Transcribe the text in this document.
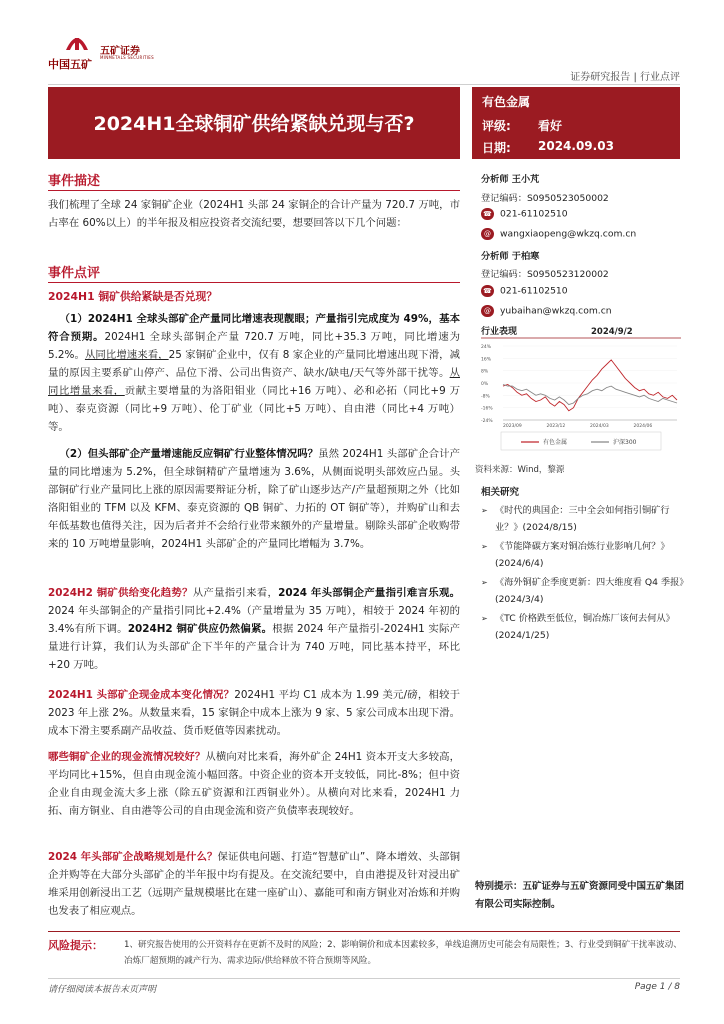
中国五矿
五矿证券
MINMETALS SECURITIES
证券研究报告 | 行业点评
2024H1全球铜矿供给紧缺兑现与否?
有色金属
评级: 看好
日期: 2024.09.03
事件描述
我们梳理了全球 24 家铜矿企业（2024H1 头部 24 家铜企的合计产量为 720.7 万吨，市占率在 60%以上）的半年报及相应投资者交流纪要，想要回答以下几个问题：
事件点评
2024H1 铜矿供给紧缺是否兑现？
（1）2024H1 全球头部矿企产量同比增速表现靓眼；产量指引完成度为 49%，基本符合预期。2024H1 全球头部铜企产量 720.7 万吨，同比+35.3 万吨，同比增速为 5.2%。从同比增速来看，25 家铜矿企业中，仅有 8 家企业的产量同比增速出现下滑，减量的原因主要系矿山停产、品位下滑、公司出售资产、缺水/缺电/天气等外部干扰等。从同比增量来看，贡献主要增量的为洛阳钼业（同比+16 万吨）、必和必拓（同比+9 万吨）、泰克资源（同比+9 万吨）、伦丁矿业（同比+5 万吨）、自由港（同比+4 万吨）等。
（2）但头部矿企产量增速能反应铜矿行业整体情况吗？虽然 2024H1 头部矿企合计产量的同比增速为 5.2%，但全球铜精矿产量增速为 3.6%，从侧面说明头部效应凸显。头部铜矿行业产量同比上涨的原因需要辩证分析，除了矿山逐步达产/产量超预期之外（比如洛阳钼业的 TFM 以及 KFM、泰克资源的 QB 铜矿、力拓的 OT 铜矿等），并购矿山和去年低基数也值得关注，因为后者并不会给行业带来额外的产量增量。剔除头部矿企收购带来的 10 万吨增量影响，2024H1 头部矿企的产量同比增幅为 3.7%。
2024H2 铜矿供给变化趋势？从产量指引来看，2024 年头部铜企产量指引难言乐观。2024 年头部铜企的产量指引同比+2.4%（产量增量为 35 万吨），相较于 2024 年初的 3.4%有所下调。2024H2 铜矿供应仍然偏紧。根据 2024 年产量指引-2024H1 实际产量进行计算，我们认为头部矿企下半年的产量合计为 740 万吨，同比基本持平，环比+20 万吨。
2024H1 头部矿企现金成本变化情况？2024H1 平均 C1 成本为 1.99 美元/磅，相较于 2023 年上涨 2%。从数量来看，15 家铜企中成本上涨为 9 家、5 家公司成本出现下滑。成本下滑主要系副产品收益、货币贬值等因素扰动。
哪些铜矿企业的现金流情况较好？从横向对比来看，海外矿企 24H1 资本开支大多较高，平均同比+15%，但自由现金流小幅回落。中资企业的资本开支较低，同比-8%；但中资企业自由现金流大多上涨（除五矿资源和江西铜业外）。从横向对比来看，2024H1 力拓、南方铜业、自由港等公司的自由现金流和资产负债率表现较好。
2024 年头部矿企战略规划是什么？保证供电问题、打造“智慧矿山”、降本增效、头部铜企并购等在大部分头部矿企的半年报中均有提及。在交流纪要中，自由港提及针对浸出矿堆采用创新浸出工艺（远期产量规模堪比在建一座矿山）、嘉能可和南方铜业对冶炼和并购也发表了相应观点。
分析师 王小芃
登记编码：S0950523050002
☎ 021-61102510
@ wangxiaopeng@wkzq.com.cn
分析师 于柏寒
登记编码：S0950523120002
☎ 021-61102510
@ yubaihan@wkzq.com.cn
行业表现	2024/9/2
24%
16%
8%
0%
-8%
-16%
-24%
2023/09	2023/12	2024/03	2024/06
有色金属	沪深300
资料来源：Wind，黎源
相关研究
➢ 《时代的典国企：三中全会如何指引铜矿行业？》(2024/8/15)
➢ 《节能降碳方案对铜冶炼行业影响几何？》(2024/6/4)
➢ 《海外铜矿企季度更新：四大维度看 Q4 季报》(2024/3/4)
➢ 《TC 价格跌至低位，铜冶炼厂该何去何从》(2024/1/25)
特别提示：五矿证券与五矿资源同受中国五矿集团有限公司实际控制。
风险提示： 1、研究报告使用的公开资料存在更新不及时的风险；2、影响铜价和成本因素较多，单线追溯历史可能会有局限性；3、行业受到铜矿干扰率波动、冶炼厂超预期的减产行为、需求边际/供给释放不符合预期等风险。
请仔细阅读本报告末页声明	Page 1 / 8
